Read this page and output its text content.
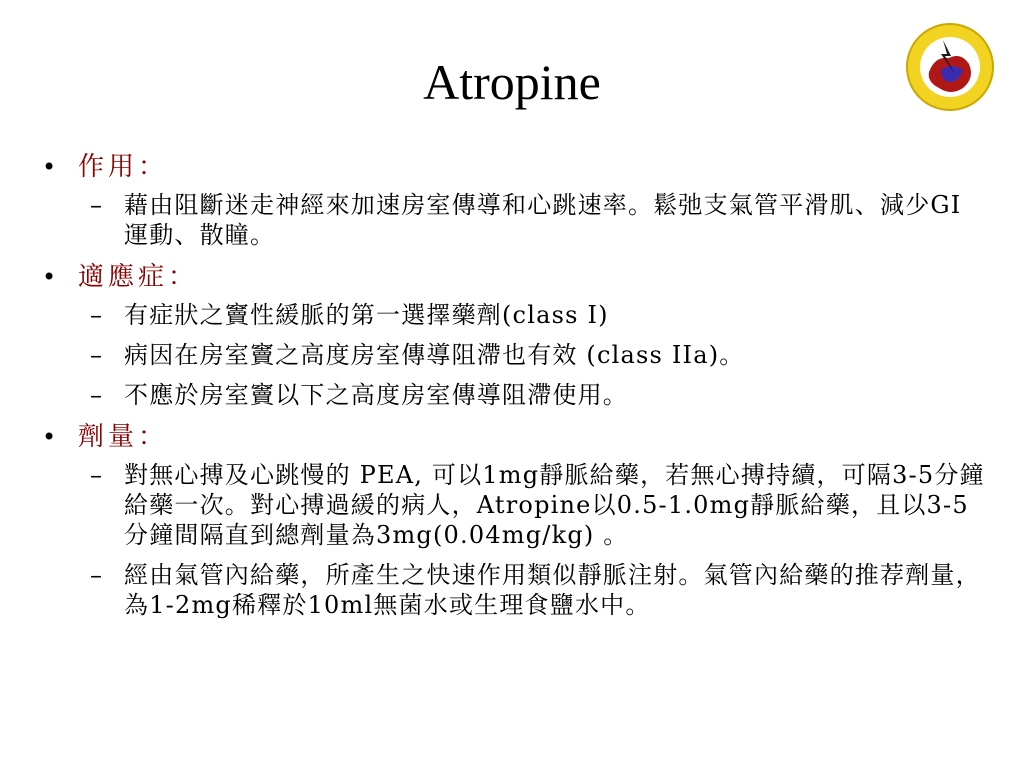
Atropine
• 作用：
– 藉由阻斷迷走神經來加速房室傳導和心跳速率。鬆弛支氣管平滑肌、減少GI運動、散瞳。
• 適應症：
– 有症狀之竇性緩脈的第一選擇藥劑(class I)
– 病因在房室竇之高度房室傳導阻滯也有效 (class IIa)。
– 不應於房室竇以下之高度房室傳導阻滯使用。
• 劑量：
– 對無心搏及心跳慢的 PEA, 可以1mg靜脈給藥，若無心搏持續，可隔3-5分鐘給藥一次。對心搏過緩的病人，Atropine以0.5-1.0mg靜脈給藥，且以3-5分鐘間隔直到總劑量為3mg(0.04mg/kg) 。
– 經由氣管內給藥，所產生之快速作用類似靜脈注射。氣管內給藥的推荐劑量，為1-2mg稀釋於10ml無菌水或生理食鹽水中。
